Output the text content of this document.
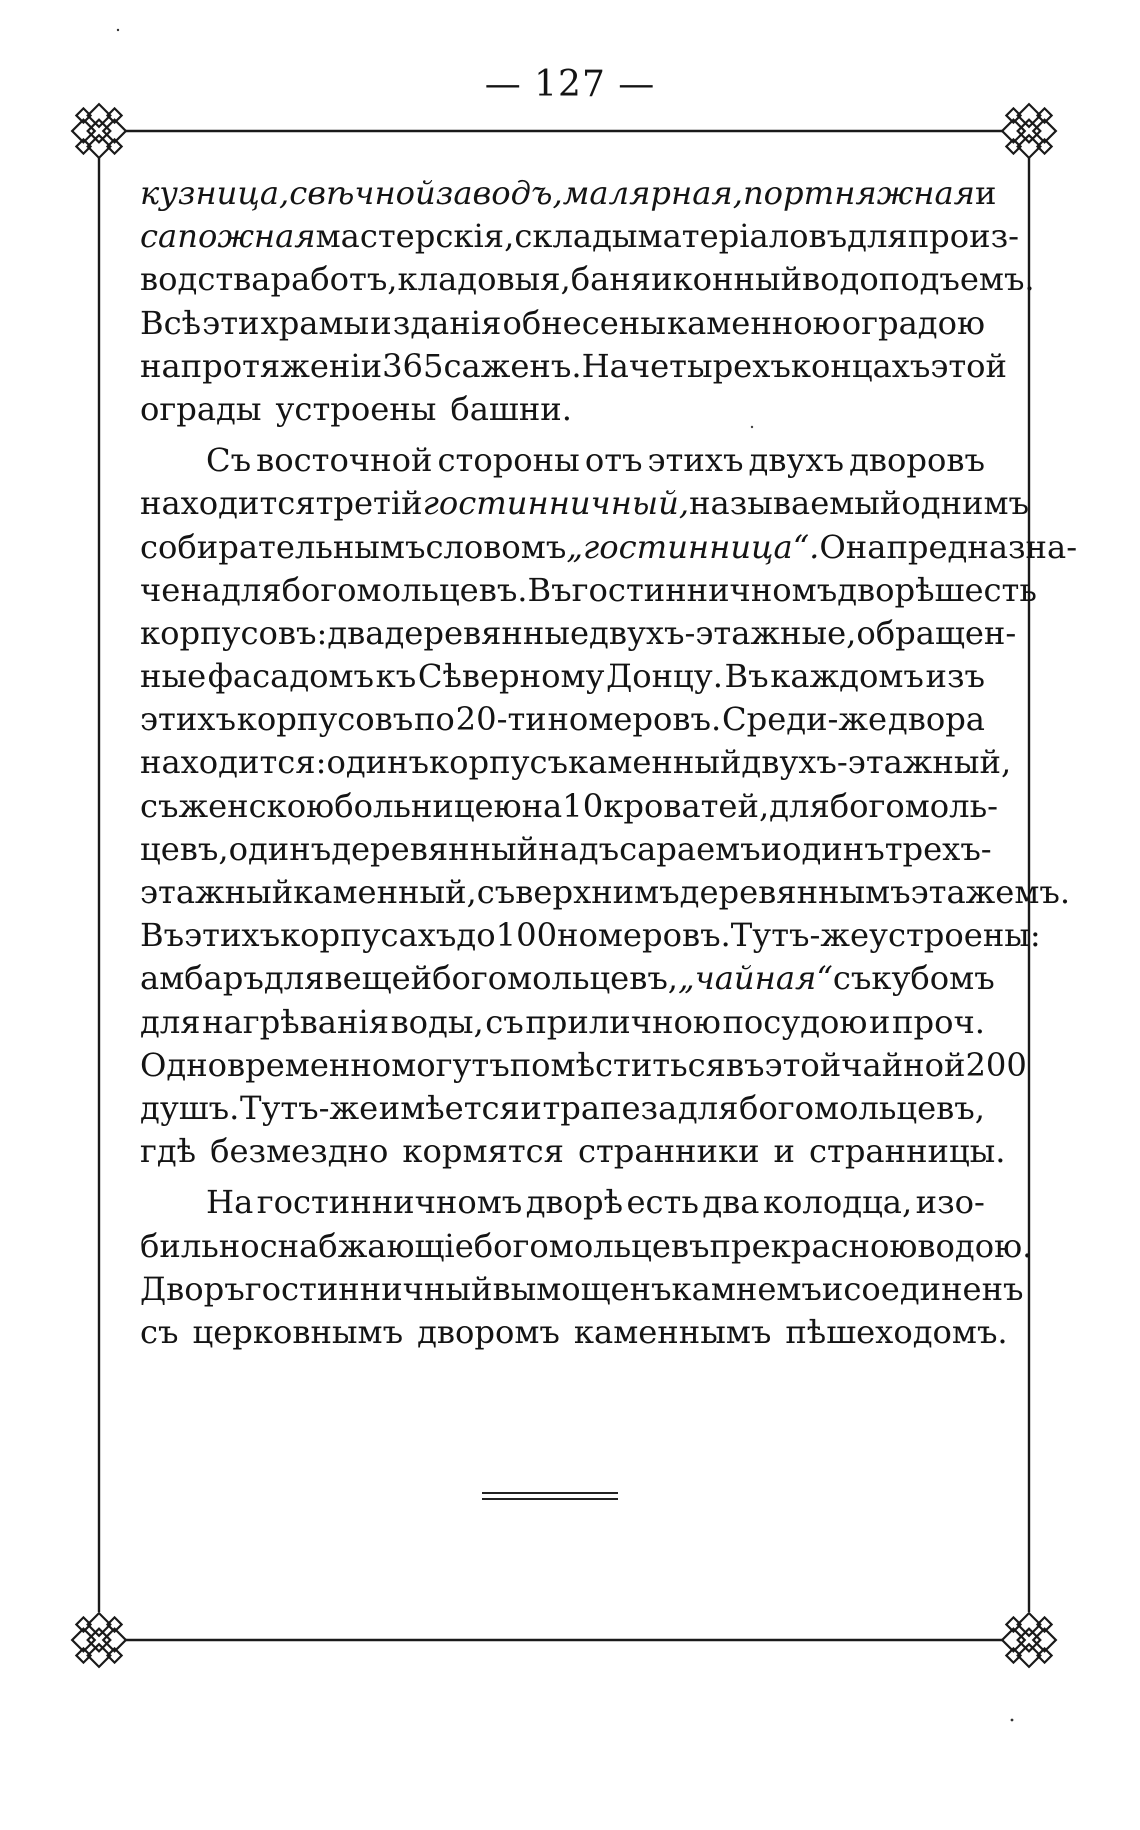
— 127 —
кузница, свѣчной заводъ, малярная, портняжная и
сапожная мастерскія, склады матеріаловъ для произ-
водства работъ, кладовыя, баня и конный водоподъемъ.
Всѣ эти храмы и зданія обнесены каменною оградою
на протяженіи 365 саженъ. На четырехъ концахъ этой
ограды устроены башни.
Съ восточной стороны отъ этихъ двухъ дворовъ
находится третій гостинничный, называемый однимъ
собирательнымъ словомъ „гостинница“. Она предназна-
чена для богомольцевъ. Въ гостинничномъ дворѣ шесть
корпусовъ: два деревянные двухъ-этажные, обращен-
ные фасадомъ къ Сѣверному Донцу. Въ каждомъ изъ
этихъ корпусовъ по 20-ти номеровъ. Среди-же двора
находится: одинъ корпусъ каменный двухъ-этажный,
съ женскою больницею на 10 кроватей, для богомоль-
цевъ, одинъ деревянный надъ сараемъ и одинъ трехъ-
этажный каменный, съ верхнимъ деревяннымъ этажемъ.
Въ этихъ корпусахъ до 100 номеровъ. Тутъ-же устроены:
амбаръ для вещей богомольцевъ, „чайная“ съ кубомъ
для нагрѣванія воды, съ приличною посудою и проч.
Одновременно могутъ помѣститься въ этой чайной 200
душъ. Тутъ-же имѣется и трапеза для богомольцевъ,
гдѣ безмездно кормятся странники и странницы.
На гостинничномъ дворѣ есть два колодца, изо-
бильно снабжающіе богомольцевъ прекрасною водою.
Дворъ гостинничный вымощенъ камнемъ и соединенъ
съ церковнымъ дворомъ каменнымъ пѣшеходомъ.
